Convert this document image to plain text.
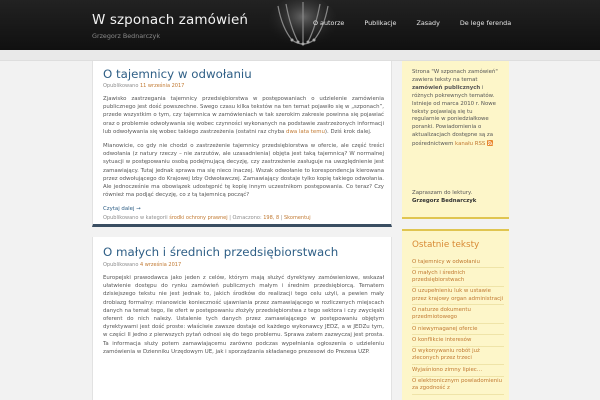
W szponach zamówień
Grzegorz Bednarczyk
O autorze	Publikacje	Zasady	De lege ferenda
O tajemnicy w odwołaniu
Opublikowano 11 września 2017

Zjawisko zastrzegania tajemnicy przedsiębiorstwa w postępowaniach o udzielenie zamówienia publicznego jest dość powszechne. Swego czasu kilka tekstów na ten temat pojawiło się w „szponach”, przede wszystkim o tym, czy tajemnica w zamówieniach w tak szerokim zakresie powinna się pojawiać oraz o problemie odwoływania się wobec czynności wykonanych na podstawie zastrzeżonych informacji lub odwoływania się wobec takiego zastrzeżenia (ostatni raz chyba dwa lata temu). Dziś krok dalej.

Mianowicie, co gdy nie chodzi o zastrzeżenie tajemnicy przedsiębiorstwa w ofercie, ale część treści odwołania (z natury rzeczy – nie zarzutów, ale uzasadnienia) objęta jest taką tajemnicą? W normalnej sytuacji w postępowaniu osobą podejmującą decyzję, czy zastrzeżenie zasługuje na uwzględnienie jest zamawiający. Tutaj jednak sprawa ma się nieco inaczej. Wszak odwołanie to korespondencja kierowana przez odwołującego do Krajowej Izby Odwoławczej. Zamawiający dostaje tylko kopię takiego odwołania. Ale jednocześnie ma obowiązek udostępnić tę kopię innym uczestnikom postępowania. Co teraz? Czy również ma podjąć decyzję, co z tą tajemnicą począć?

Czytaj dalej →

Opublikowano w kategorii środki ochrony prawnej | Oznaczono: 198, 8 | Skomentuj
O małych i średnich przedsiębiorstwach
Opublikowano 4 września 2017

Europejski prawodawca jako jeden z celów, którym mają służyć dyrektywy zamówieniowe, wskazał ułatwienie dostępu do rynku zamówień publicznych małym i średnim przedsiębiorcą. Tematem dzisiejszego tekstu nie jest jednak to, jakich środków do realizacji tego celu użyli, a pewien mały drobiazg formalny: mianowicie konieczność ujawniania przez zamawiającego w rozliczenych miejscach danych na temat tego, ile ofert w postępowaniu złożyły przedsiębiorstwa z tego sektora i czy zwycięski oferent do nich należy. Ustalenie tych danych przez zamawiającego w postępowaniu objętym dyrektywami jest dość proste: właściwie zawsze dostaje od każdego wykonawcy JEDZ, a w JEDZu tym, w części II jedno z pierwszych pytań odnosi się do tego problemu. Sprawa zatem zazwyczaj jest prosta. Ta informacja służy potem zamawiającemu zarówno podczas wypełniania ogłoszenia o udzieleniu zamówienia w Dzienniku Urzędowym UE, jak i sporządzania składanego prezesowi do Prezesa UZP.

Strona "W szponach zamówień" zawiera teksty na temat zamówień publicznych i różnych pokrewnych tematów. Istnieje od marca 2010 r. Nowe teksty pojawiają się tu regularnie w poniedziałkowe poranki. Powiadomienia o aktualizacjach dostępne są za pośrednictwem kanału RSS
Zapraszam do lektury.
Grzegorz Bednarczyk
Ostatnie teksty
O tajemnicy w odwołaniu
O małych i średnich przedsiębiorstwach
O uzupełnieniu luk w ustawie przez krajowy organ administracji
O naturze dokumentu przedmiotowego
O niewymaganej ofercie
O konflikcie interesów
O wykonywaniu robót już zleconych przez trzeci
Wyjaśniono zimny lipiec…
O elektronicznym powiadomieniu za zgodność z
